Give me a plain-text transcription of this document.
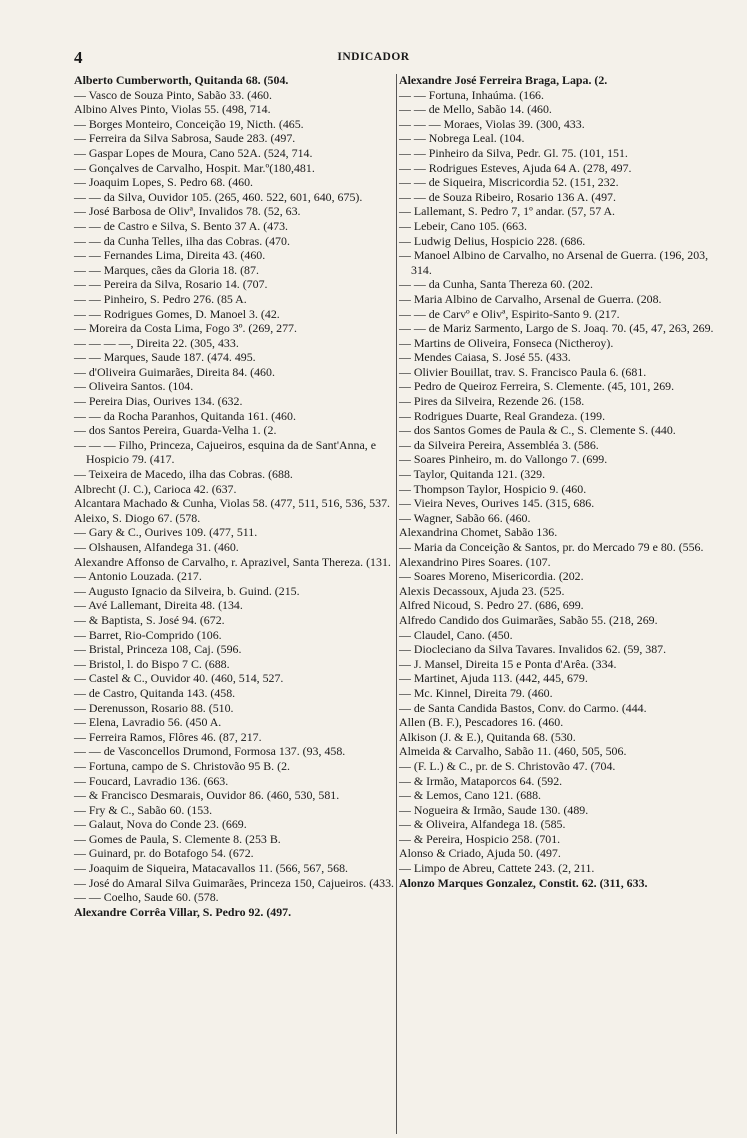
4	INDICADOR
Alberto Cumberworth, Quitanda 68. (504.
— Vasco de Souza Pinto, Sabão 33. (460.
Albino Alves Pinto, Violas 55. (498, 714.
— Borges Monteiro, Conceição 19, Nicth. (465.
— Ferreira da Silva Sabrosa, Saude 283. (497.
— Gaspar Lopes de Moura, Cano 52A. (524, 714.
— Gonçalves de Carvalho, Hospit. Mar.º(180,481.
— Joaquim Lopes, S. Pedro 68. (460.
— — da Silva, Ouvidor 105. (265, 460. 522, 601, 640, 675).
— José Barbosa de Olivª, Invalidos 78. (52, 63.
— — de Castro e Silva, S. Bento 37 A. (473.
— — da Cunha Telles, ilha das Cobras. (470.
— — Fernandes Lima, Direita 43. (460.
— — Marques, cães da Gloria 18. (87.
— — Pereira da Silva, Rosario 14. (707.
— — Pinheiro, S. Pedro 276. (85 A.
— — Rodrigues Gomes, D. Manoel 3. (42.
— Moreira da Costa Lima, Fogo 3º. (269, 277.
— — — —, Direita 22. (305, 433.
— — Marques, Saude 187. (474. 495.
— d'Oliveira Guimarães, Direita 84. (460.
— Oliveira Santos. (104.
— Pereira Dias, Ourives 134. (632.
— — da Rocha Paranhos, Quitanda 161. (460.
— dos Santos Pereira, Guarda-Velha 1. (2.
— — — Filho, Princeza, Cajueiros, esquina da de Sant'Anna, e Hospicio 79. (417.
— Teixeira de Macedo, ilha das Cobras. (688.
Albrecht (J. C.), Carioca 42. (637.
Alcantara Machado & Cunha, Violas 58. (477, 511, 516, 536, 537.
Aleixo, S. Diogo 67. (578.
— Gary & C., Ourives 109. (477, 511.
— Olshausen, Alfandega 31. (460.
Alexandre Affonso de Carvalho, r. Aprazivel, Santa Thereza. (131.
— Antonio Louzada. (217.
— Augusto Ignacio da Silveira, b. Guind. (215.
— Avé Lallemant, Direita 48. (134.
— & Baptista, S. José 94. (672.
— Barret, Rio-Comprido (106.
— Bristal, Princeza 108, Caj. (596.
— Bristol, l. do Bispo 7 C. (688.
— Castel & C., Ouvidor 40. (460, 514, 527.
— de Castro, Quitanda 143. (458.
— Derenusson, Rosario 88. (510.
— Elena, Lavradio 56. (450 A.
— Ferreira Ramos, Flôres 46. (87, 217.
— — de Vasconcellos Drumond, Formosa 137. (93, 458.
— Fortuna, campo de S. Christovão 95 B. (2.
— Foucard, Lavradio 136. (663.
— & Francisco Desmarais, Ouvidor 86. (460, 530, 581.
— Fry & C., Sabão 60. (153.
— Galaut, Nova do Conde 23. (669.
— Gomes de Paula, S. Clemente 8. (253 B.
— Guinard, pr. do Botafogo 54. (672.
— Joaquim de Siqueira, Matacavallos 11. (566, 567, 568.
— José do Amaral Silva Guimarães, Princeza 150, Cajueiros. (433.
— — Coelho, Saude 60. (578.
Alexandre Corrêa Villar, S. Pedro 92. (497.
Alexandre José Ferreira Braga, Lapa. (2.
— — Fortuna, Inhaúma. (166.
— — de Mello, Sabão 14. (460.
— — — Moraes, Violas 39. (300, 433.
— — Nobrega Leal. (104.
— — Pinheiro da Silva, Pedr. Gl. 75. (101, 151.
— — Rodrigues Esteves, Ajuda 64 A. (278, 497.
— — de Siqueira, Miscricordia 52. (151, 232.
— — de Souza Ribeiro, Rosario 136 A. (497.
— Lallemant, S. Pedro 7, 1º andar. (57, 57 A.
— Lebeir, Cano 105. (663.
— Ludwig Delius, Hospicio 228. (686.
— Manoel Albino de Carvalho, no Arsenal de Guerra. (196, 203, 314.
— — da Cunha, Santa Thereza 60. (202.
— Maria Albino de Carvalho, Arsenal de Guerra. (208.
— — de Carvº e Olivª, Espirito-Santo 9. (217.
— — de Mariz Sarmento, Largo de S. Joaq. 70. (45, 47, 263, 269.
— Martins de Oliveira, Fonseca (Nictheroy).
— Mendes Caiasa, S. José 55. (433.
— Olivier Bouillat, trav. S. Francisco Paula 6. (681.
— Pedro de Queiroz Ferreira, S. Clemente. (45, 101, 269.
— Pires da Silveira, Rezende 26. (158.
— Rodrigues Duarte, Real Grandeza. (199.
— dos Santos Gomes de Paula & C., S. Clemente S. (440.
— da Silveira Pereira, Assembléa 3. (586.
— Soares Pinheiro, m. do Vallongo 7. (699.
— Taylor, Quitanda 121. (329.
— Thompson Taylor, Hospicio 9. (460.
— Vieira Neves, Ourives 145. (315, 686.
— Wagner, Sabão 66. (460.
Alexandrina Chomet, Sabão 136.
— Maria da Conceição & Santos, pr. do Mercado 79 e 80. (556.
Alexandrino Pires Soares. (107.
— Soares Moreno, Misericordia. (202.
Alexis Decassoux, Ajuda 23. (525.
Alfred Nicoud, S. Pedro 27. (686, 699.
Alfredo Candido dos Guimarães, Sabão 55. (218, 269.
— Claudel, Cano. (450.
— Diocleciano da Silva Tavares. Invalidos 62. (59, 387.
— J. Mansel, Direita 15 e Ponta d'Arêa. (334.
— Martinet, Ajuda 113. (442, 445, 679.
— Mc. Kinnel, Direita 79. (460.
— de Santa Candida Bastos, Conv. do Carmo. (444.
Allen (B. F.), Pescadores 16. (460.
Alkison (J. & E.), Quitanda 68. (530.
Almeida & Carvalho, Sabão 11. (460, 505, 506.
— (F. L.) & C., pr. de S. Christovão 47. (704.
— & Irmão, Mataporcos 64. (592.
— & Lemos, Cano 121. (688.
— Nogueira & Irmão, Saude 130. (489.
— & Oliveira, Alfandega 18. (585.
— & Pereira, Hospicio 258. (701.
Alonso & Criado, Ajuda 50. (497.
— Limpo de Abreu, Cattete 243. (2, 211.
Alonzo Marques Gonzalez, Constit. 62. (311, 633.
